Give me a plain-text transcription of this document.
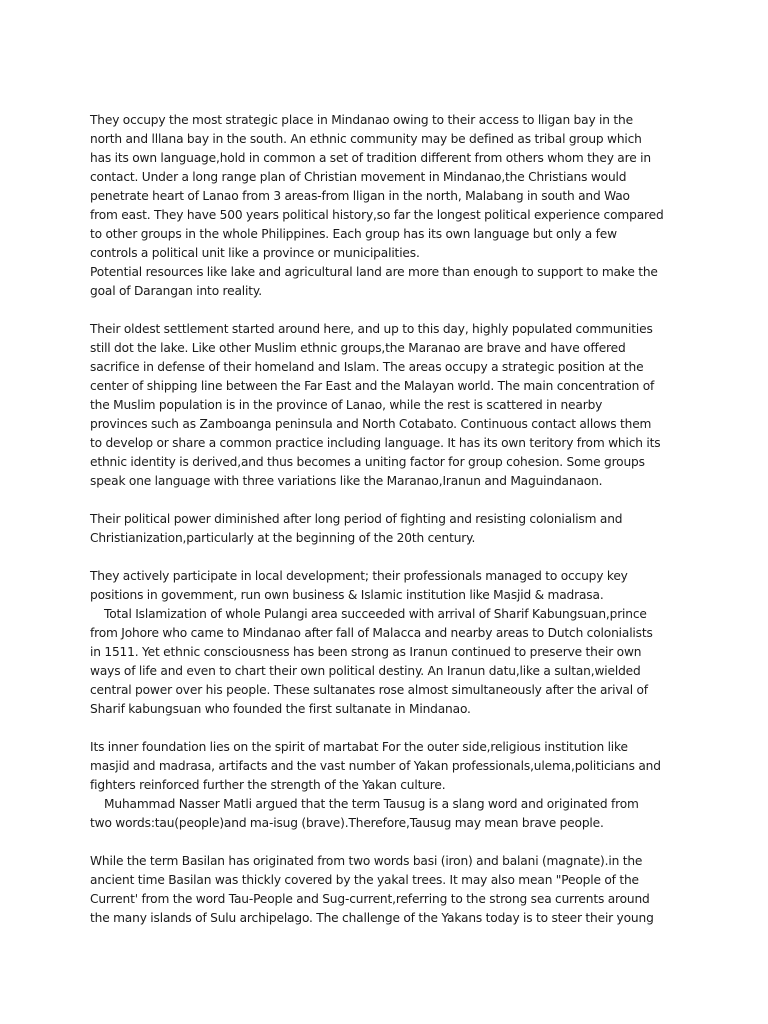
They occupy the most strategic place in Mindanao owing to their access to lligan bay in the
north and lllana bay in the south. An ethnic community may be defined as tribal group which
has its own language,hold in common a set of tradition different from others whom they are in
contact. Under a long range plan of Christian movement in Mindanao,the Christians would
penetrate heart of Lanao from 3 areas-from lligan in the north, Malabang in south and Wao
from east. They have 500 years political history,so far the longest political experience compared
to other groups in the whole Philippines. Each group has its own language but only a few
controls a political unit like a province or municipalities.
Potential resources like lake and agricultural land are more than enough to support to make the
goal of Darangan into reality.
Their oldest settlement started around here, and up to this day, highly populated communities
still dot the lake. Like other Muslim ethnic groups,the Maranao are brave and have offered
sacrifice in defense of their homeland and Islam. The areas occupy a strategic position at the
center of shipping line between the Far East and the Malayan world. The main concentration of
the Muslim population is in the province of Lanao, while the rest is scattered in nearby
provinces such as Zamboanga peninsula and North Cotabato. Continuous contact allows them
to develop or share a common practice including language. It has its own teritory from which its
ethnic identity is derived,and thus becomes a uniting factor for group cohesion. Some groups
speak one language with three variations like the Maranao,Iranun and Maguindanaon.
Their political power diminished after long period of fighting and resisting colonialism and
Christianization,particularly at the beginning of the 20th century.
They actively participate in local development; their professionals managed to occupy key
positions in govemment, run own business & Islamic institution like Masjid & madrasa.
Total Islamization of whole Pulangi area succeeded with arrival of Sharif Kabungsuan,prince
from Johore who came to Mindanao after fall of Malacca and nearby areas to Dutch colonialists
in 1511. Yet ethnic consciousness has been strong as Iranun continued to preserve their own
ways of life and even to chart their own political destiny. An Iranun datu,like a sultan,wielded
central power over his people. These sultanates rose almost simultaneously after the arival of
Sharif kabungsuan who founded the first sultanate in Mindanao.
Its inner foundation lies on the spirit of martabat For the outer side,religious institution like
masjid and madrasa, artifacts and the vast number of Yakan professionals,ulema,politicians and
fighters reinforced further the strength of the Yakan culture.
Muhammad Nasser Matli argued that the term Tausug is a slang word and originated from
two words:tau(people)and ma-isug (brave).Therefore,Tausug may mean brave people.
While the term Basilan has originated from two words basi (iron) and balani (magnate).in the
ancient time Basilan was thickly covered by the yakal trees. It may also mean "People of the
Current' from the word Tau-People and Sug-current,referring to the strong sea currents around
the many islands of Sulu archipelago. The challenge of the Yakans today is to steer their young
